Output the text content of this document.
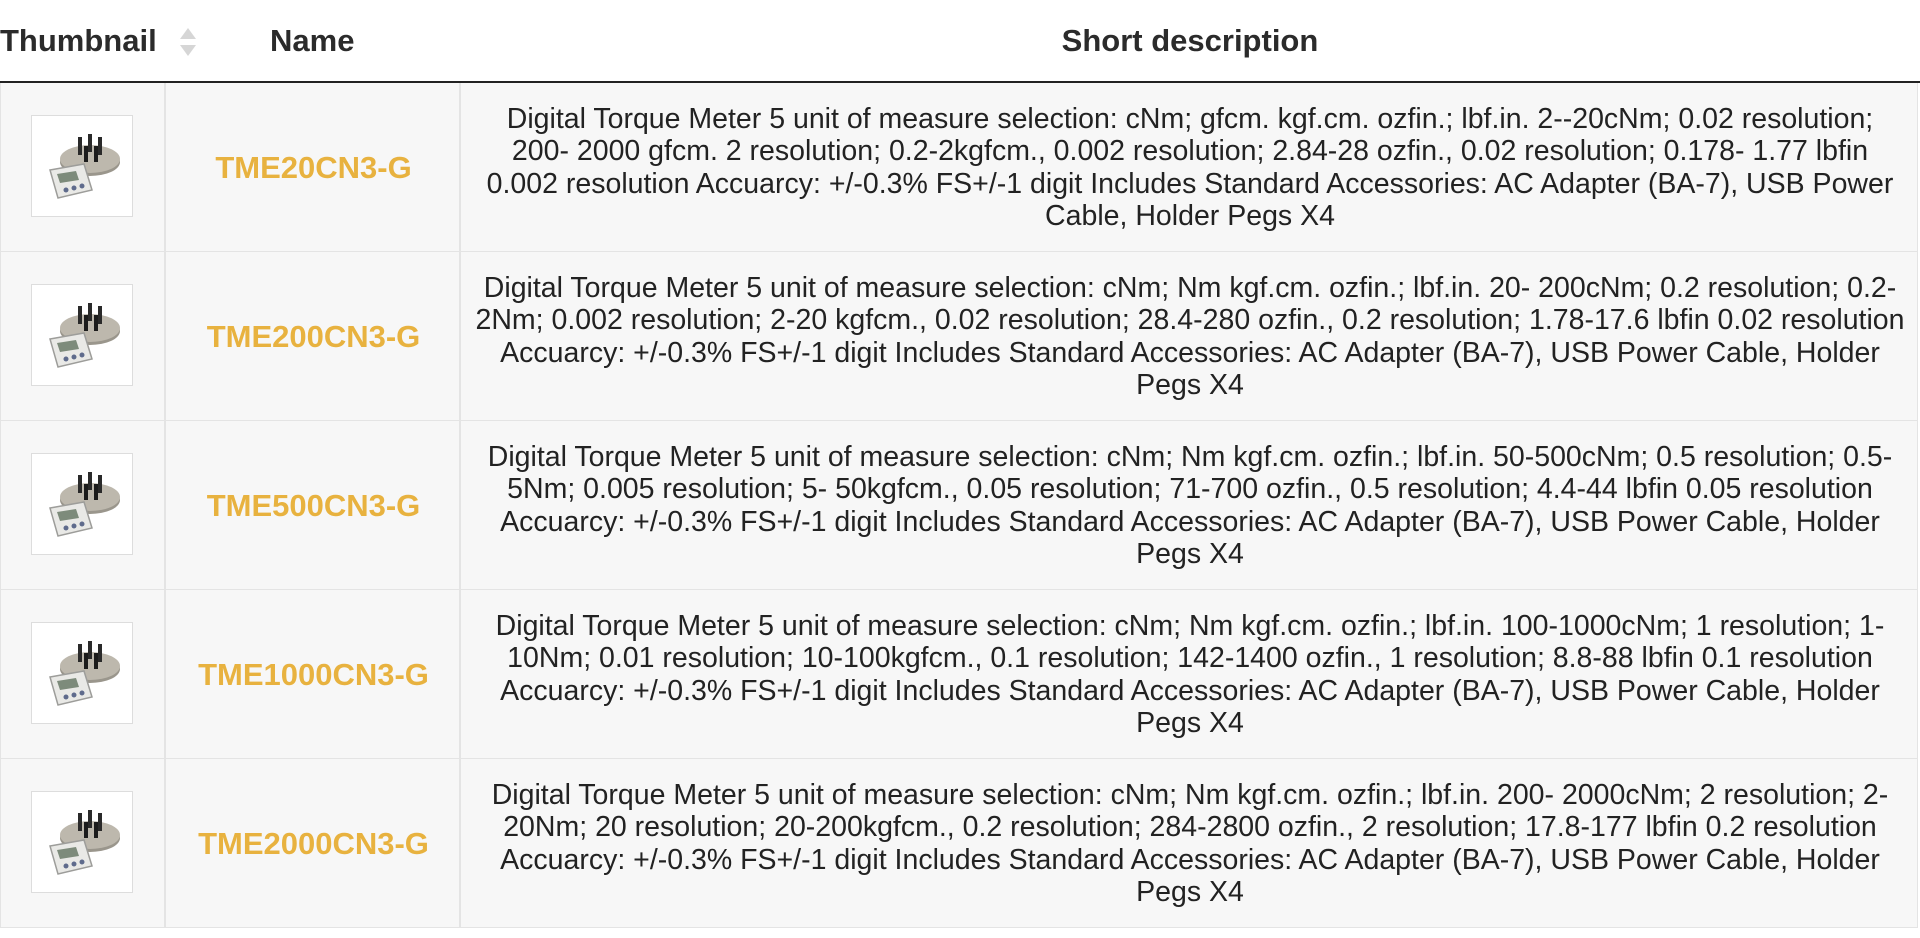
Thumbnail	Name	Short description
TME20CN3-G
Digital Torque Meter 5 unit of measure selection: cNm; gfcm. kgf.cm. ozfin.; lbf.in. 2--20cNm; 0.02 resolution; 200- 2000 gfcm. 2 resolution; 0.2-2kgfcm., 0.002 resolution; 2.84-28 ozfin., 0.02 resolution; 0.178- 1.77 lbfin 0.002 resolution Accuarcy: +/-0.3% FS+/-1 digit Includes Standard Accessories: AC Adapter (BA-7), USB Power Cable, Holder Pegs X4
TME200CN3-G
Digital Torque Meter 5 unit of measure selection: cNm; Nm kgf.cm. ozfin.; lbf.in. 20- 200cNm; 0.2 resolution; 0.2- 2Nm; 0.002 resolution; 2-20 kgfcm., 0.02 resolution; 28.4-280 ozfin., 0.2 resolution; 1.78-17.6 lbfin 0.02 resolution Accuarcy: +/-0.3% FS+/-1 digit Includes Standard Accessories: AC Adapter (BA-7), USB Power Cable, Holder Pegs X4
TME500CN3-G
Digital Torque Meter 5 unit of measure selection: cNm; Nm kgf.cm. ozfin.; lbf.in. 50-500cNm; 0.5 resolution; 0.5- 5Nm; 0.005 resolution; 5- 50kgfcm., 0.05 resolution; 71-700 ozfin., 0.5 resolution; 4.4-44 lbfin 0.05 resolution Accuarcy: +/-0.3% FS+/-1 digit Includes Standard Accessories: AC Adapter (BA-7), USB Power Cable, Holder Pegs X4
TME1000CN3-G
Digital Torque Meter 5 unit of measure selection: cNm; Nm kgf.cm. ozfin.; lbf.in. 100-1000cNm; 1 resolution; 1-10Nm; 0.01 resolution; 10-100kgfcm., 0.1 resolution; 142-1400 ozfin., 1 resolution; 8.8-88 lbfin 0.1 resolution Accuarcy: +/-0.3% FS+/-1 digit Includes Standard Accessories: AC Adapter (BA-7), USB Power Cable, Holder Pegs X4
TME2000CN3-G
Digital Torque Meter 5 unit of measure selection: cNm; Nm kgf.cm. ozfin.; lbf.in. 200- 2000cNm; 2 resolution; 2-20Nm; 20 resolution; 20-200kgfcm., 0.2 resolution; 284-2800 ozfin., 2 resolution; 17.8-177 lbfin 0.2 resolution Accuarcy: +/-0.3% FS+/-1 digit Includes Standard Accessories: AC Adapter (BA-7), USB Power Cable, Holder Pegs X4
